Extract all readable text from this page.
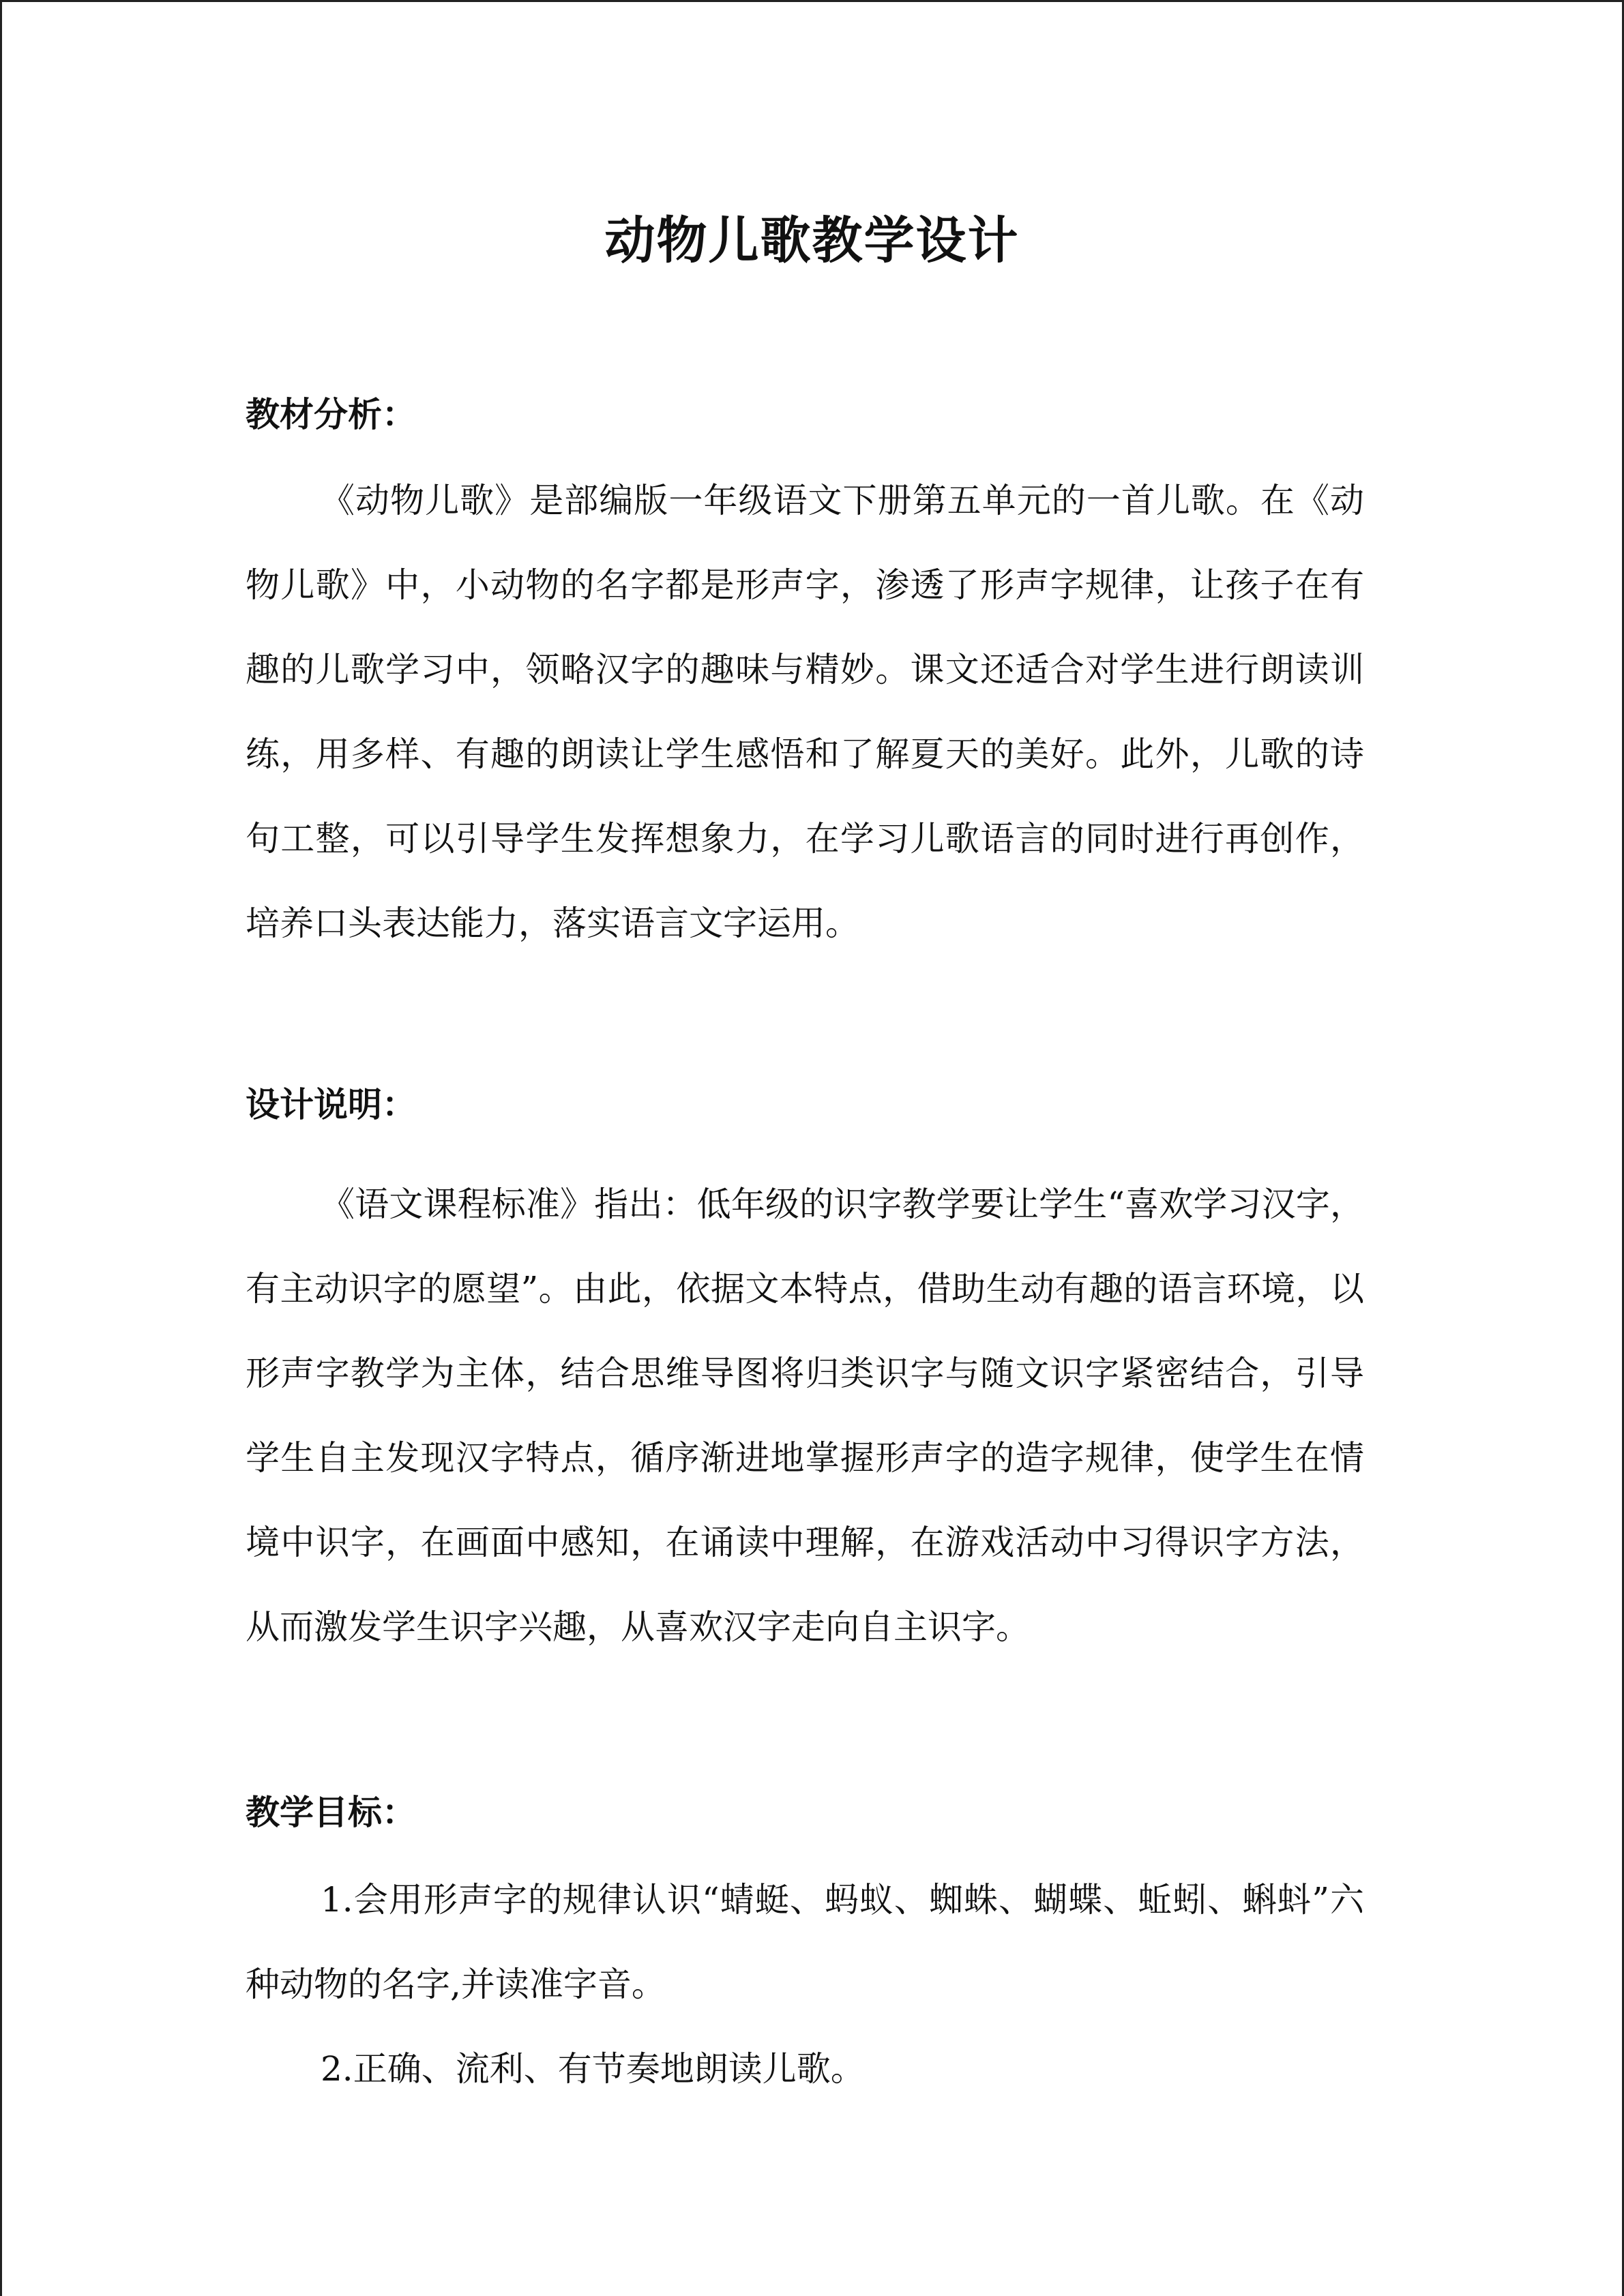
动物儿歌教学设计
教材分析：

《动物儿歌》是部编版一年级语文下册第五单元的一首儿歌。在《动物儿歌》中，小动物的名字都是形声字，渗透了形声字规律，让孩子在有趣的儿歌学习中，领略汉字的趣味与精妙。课文还适合对学生进行朗读训练，用多样、有趣的朗读让学生感悟和了解夏天的美好。此外，儿歌的诗句工整，可以引导学生发挥想象力，在学习儿歌语言的同时进行再创作，培养口头表达能力，落实语言文字运用。

设计说明：

《语文课程标准》指出：低年级的识字教学要让学生“喜欢学习汉字，有主动识字的愿望”。由此，依据文本特点，借助生动有趣的语言环境，以形声字教学为主体，结合思维导图将归类识字与随文识字紧密结合，引导学生自主发现汉字特点，循序渐进地掌握形声字的造字规律，使学生在情境中识字，在画面中感知，在诵读中理解，在游戏活动中习得识字方法，从而激发学生识字兴趣，从喜欢汉字走向自主识字。

教学目标：

1.会用形声字的规律认识“蜻蜓、蚂蚁、蜘蛛、蝴蝶、蚯蚓、蝌蚪”六种动物的名字,并读准字音。

2.正确、流利、有节奏地朗读儿歌。
